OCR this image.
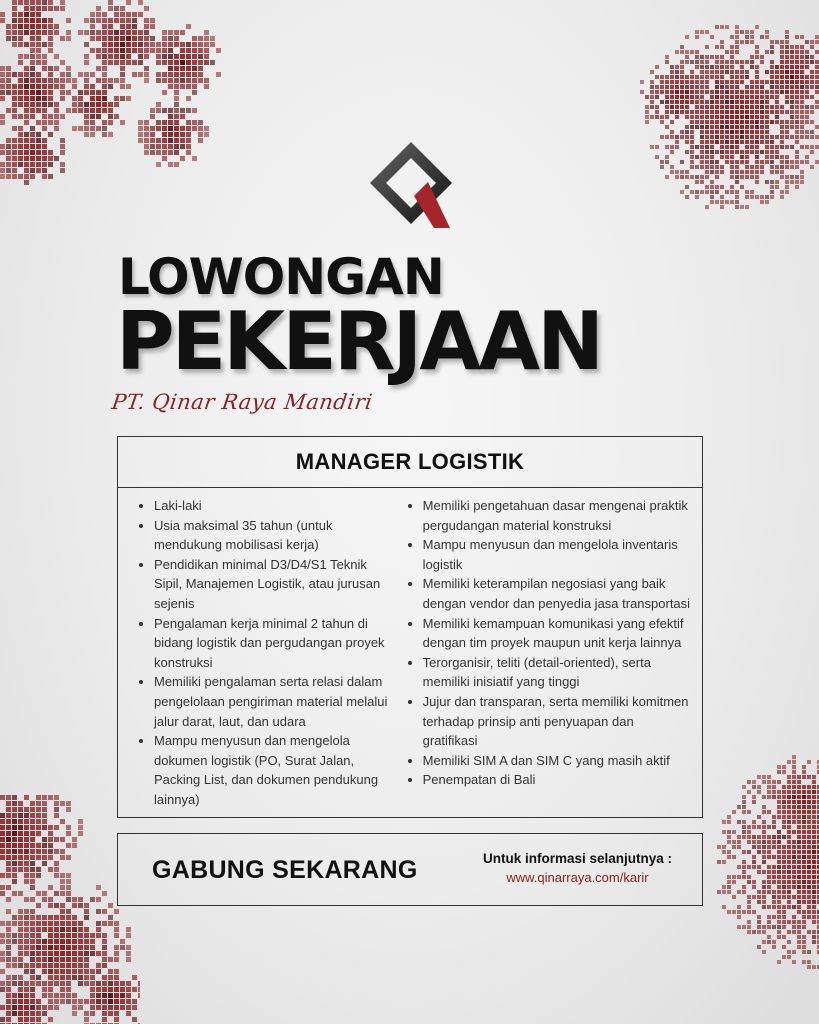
LOWONGAN
PEKERJAAN
PT. Qinar Raya Mandiri
MANAGER LOGISTIK
• Laki-laki
• Usia maksimal 35 tahun (untuk mendukung mobilisasi kerja)
• Pendidikan minimal D3/D4/S1 Teknik Sipil, Manajemen Logistik, atau jurusan sejenis
• Pengalaman kerja minimal 2 tahun di bidang logistik dan pergudangan proyek konstruksi
• Memiliki pengalaman serta relasi dalam pengelolaan pengiriman material melalui jalur darat, laut, dan udara
• Mampu menyusun dan mengelola dokumen logistik (PO, Surat Jalan, Packing List, dan dokumen pendukung lainnya)
• Memiliki pengetahuan dasar mengenai praktik pergudangan material konstruksi
• Mampu menyusun dan mengelola inventaris logistik
• Memiliki keterampilan negosiasi yang baik dengan vendor dan penyedia jasa transportasi
• Memiliki kemampuan komunikasi yang efektif dengan tim proyek maupun unit kerja lainnya
• Terorganisir, teliti (detail-oriented), serta memiliki inisiatif yang tinggi
• Jujur dan transparan, serta memiliki komitmen terhadap prinsip anti penyuapan dan gratifikasi
• Memiliki SIM A dan SIM C yang masih aktif
• Penempatan di Bali
GABUNG SEKARANG	Untuk informasi selanjutnya :
www.qinarraya.com/karir
